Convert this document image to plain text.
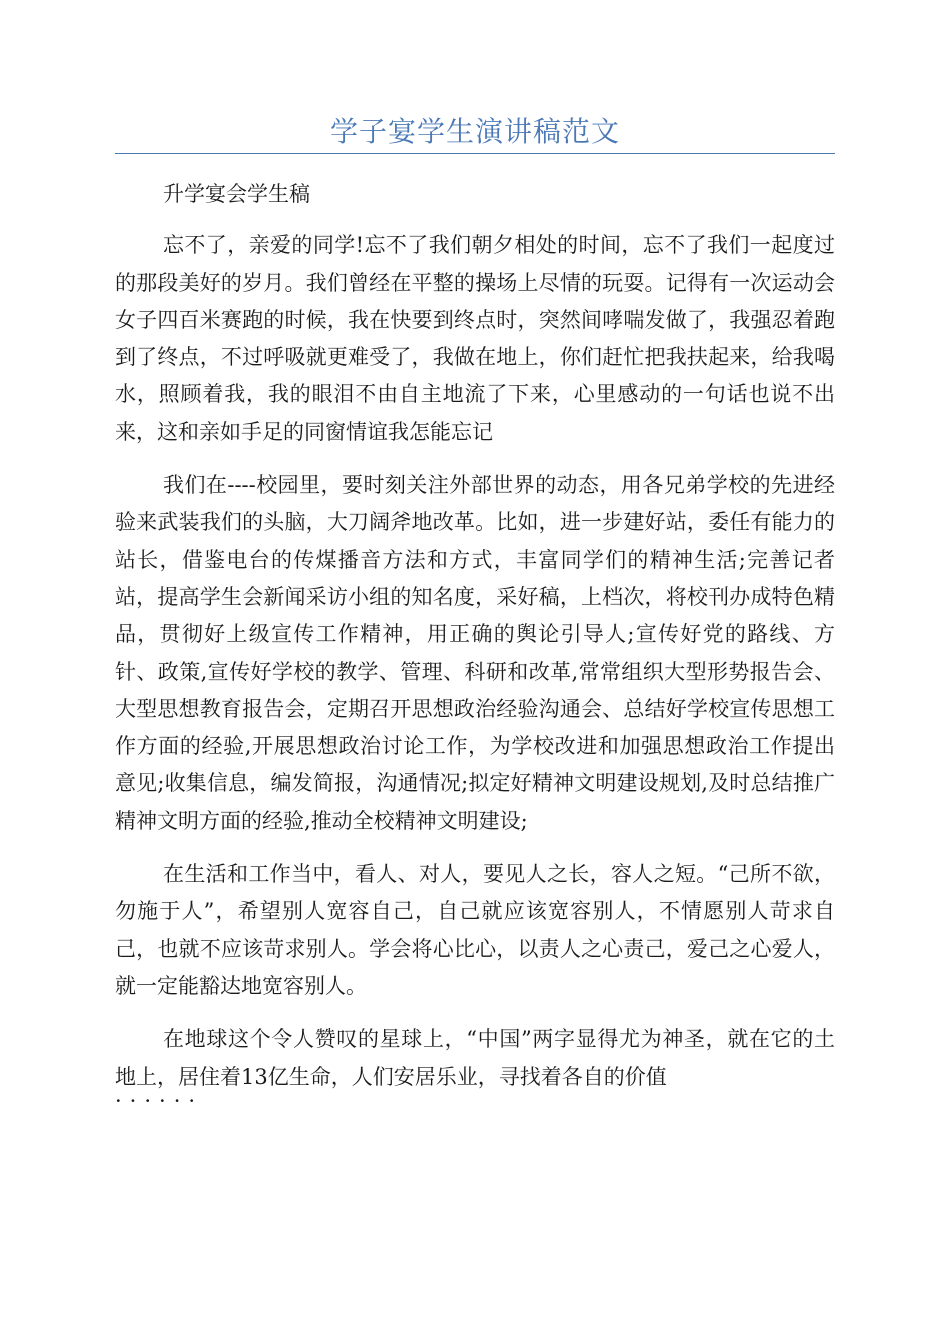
学子宴学生演讲稿范文

升学宴会学生稿

忘不了，亲爱的同学!忘不了我们朝夕相处的时间，忘不了我们一起度过的那段美好的岁月。我们曾经在平整的操场上尽情的玩耍。记得有一次运动会女子四百米赛跑的时候，我在快要到终点时，突然间哮喘发做了，我强忍着跑到了终点，不过呼吸就更难受了，我做在地上，你们赶忙把我扶起来，给我喝水，照顾着我，我的眼泪不由自主地流了下来，心里感动的一句话也说不出来，这和亲如手足的同窗情谊我怎能忘记

我们在----校园里，要时刻关注外部世界的动态，用各兄弟学校的先进经验来武装我们的头脑，大刀阔斧地改革。比如，进一步建好站，委任有能力的站长，借鉴电台的传煤播音方法和方式，丰富同学们的精神生活;完善记者站，提高学生会新闻采访小组的知名度，采好稿，上档次，将校刊办成特色精品，贯彻好上级宣传工作精神，用正确的舆论引导人;宣传好党的路线、方针、政策,宣传好学校的教学、管理、科研和改革,常常组织大型形势报告会、大型思想教育报告会，定期召开思想政治经验沟通会、总结好学校宣传思想工作方面的经验,开展思想政治讨论工作，为学校改进和加强思想政治工作提出意见;收集信息，编发简报，沟通情况;拟定好精神文明建设规划,及时总结推广精神文明方面的经验,推动全校精神文明建设;

在生活和工作当中，看人、对人，要见人之长，容人之短。“己所不欲，勿施于人”，希望别人宽容自己，自己就应该宽容别人，不情愿别人苛求自己，也就不应该苛求别人。学会将心比心，以责人之心责己，爱己之心爱人，就一定能豁达地宽容别人。

在地球这个令人赞叹的星球上，“中国”两字显得尤为神圣，就在它的土地上，居住着13亿生命，人们安居乐业，寻找着各自的价值

······
